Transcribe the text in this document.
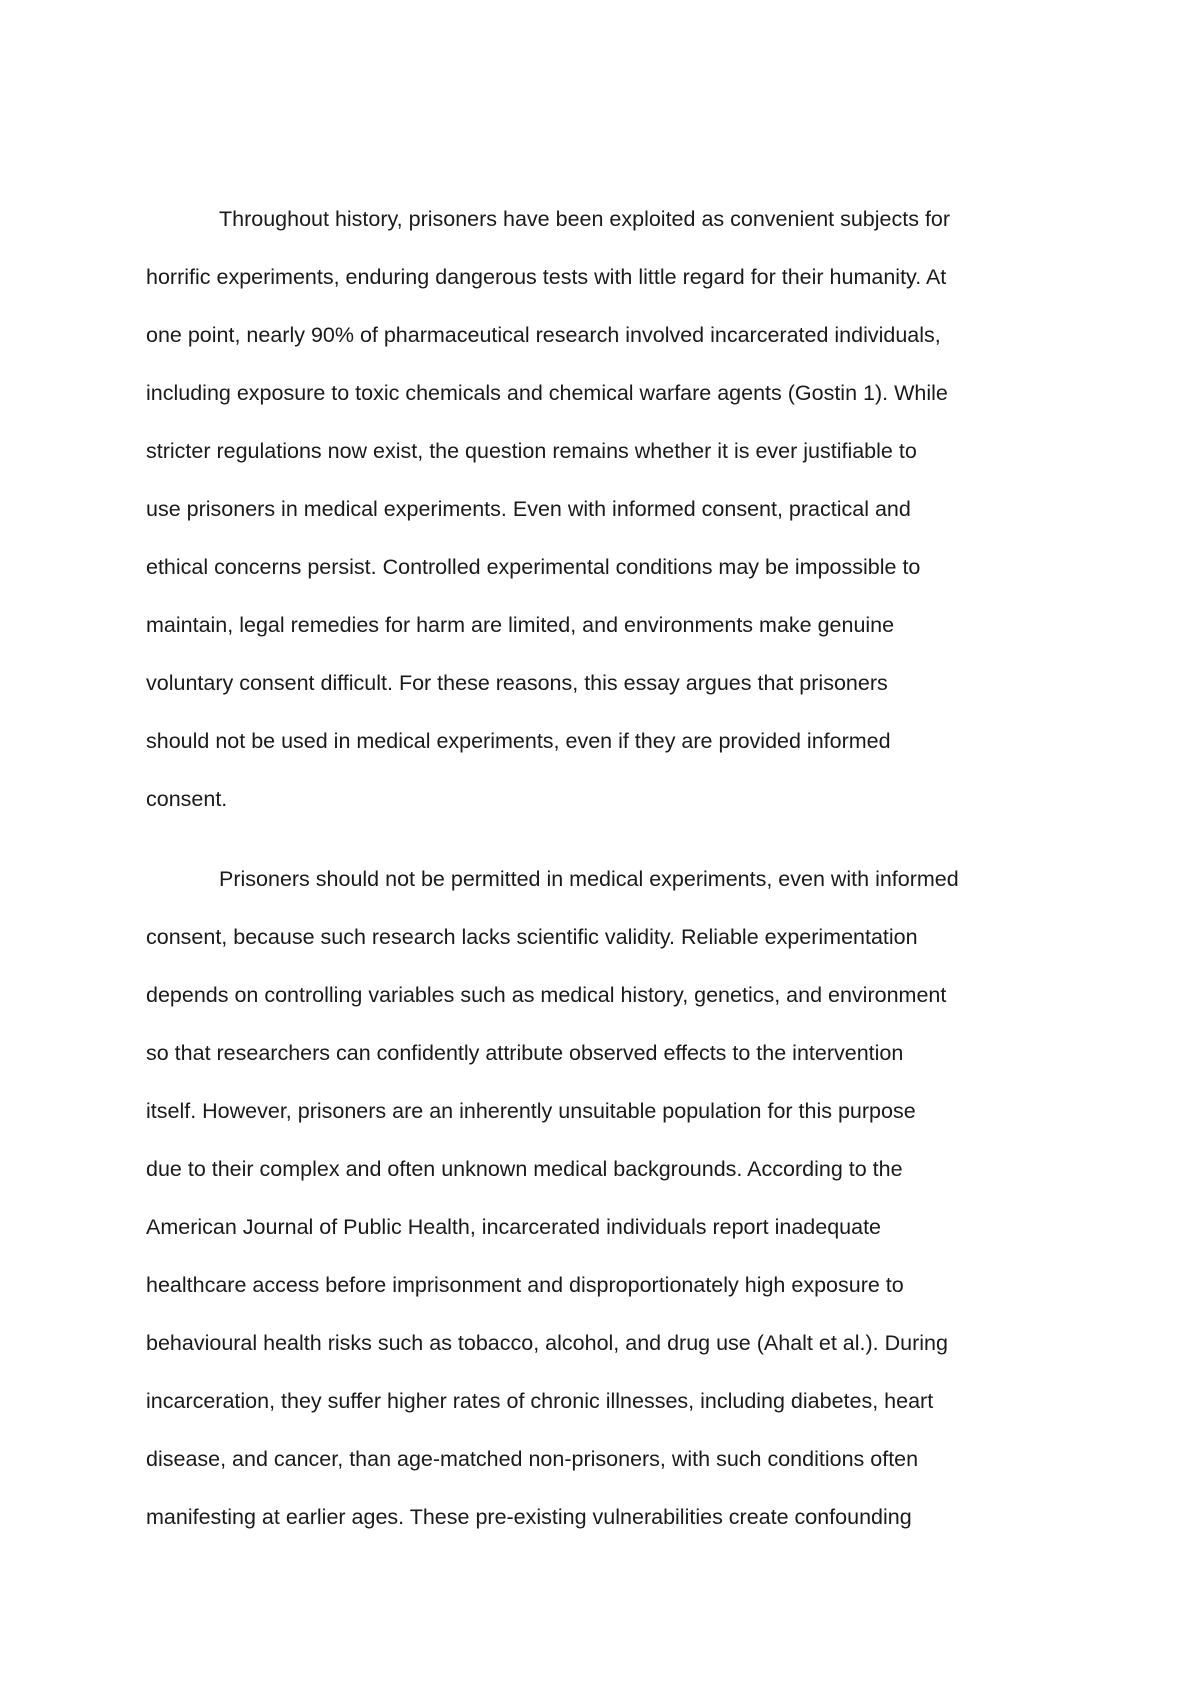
Throughout history, prisoners have been exploited as convenient subjects for
horrific experiments, enduring dangerous tests with little regard for their humanity. At
one point, nearly 90% of pharmaceutical research involved incarcerated individuals,
including exposure to toxic chemicals and chemical warfare agents (Gostin 1). While
stricter regulations now exist, the question remains whether it is ever justifiable to
use prisoners in medical experiments. Even with informed consent, practical and
ethical concerns persist. Controlled experimental conditions may be impossible to
maintain, legal remedies for harm are limited, and environments make genuine
voluntary consent difficult. For these reasons, this essay argues that prisoners
should not be used in medical experiments, even if they are provided informed
consent.

Prisoners should not be permitted in medical experiments, even with informed
consent, because such research lacks scientific validity. Reliable experimentation
depends on controlling variables such as medical history, genetics, and environment
so that researchers can confidently attribute observed effects to the intervention
itself. However, prisoners are an inherently unsuitable population for this purpose
due to their complex and often unknown medical backgrounds. According to the
American Journal of Public Health, incarcerated individuals report inadequate
healthcare access before imprisonment and disproportionately high exposure to
behavioural health risks such as tobacco, alcohol, and drug use (Ahalt et al.). During
incarceration, they suffer higher rates of chronic illnesses, including diabetes, heart
disease, and cancer, than age-matched non-prisoners, with such conditions often
manifesting at earlier ages. These pre-existing vulnerabilities create confounding
